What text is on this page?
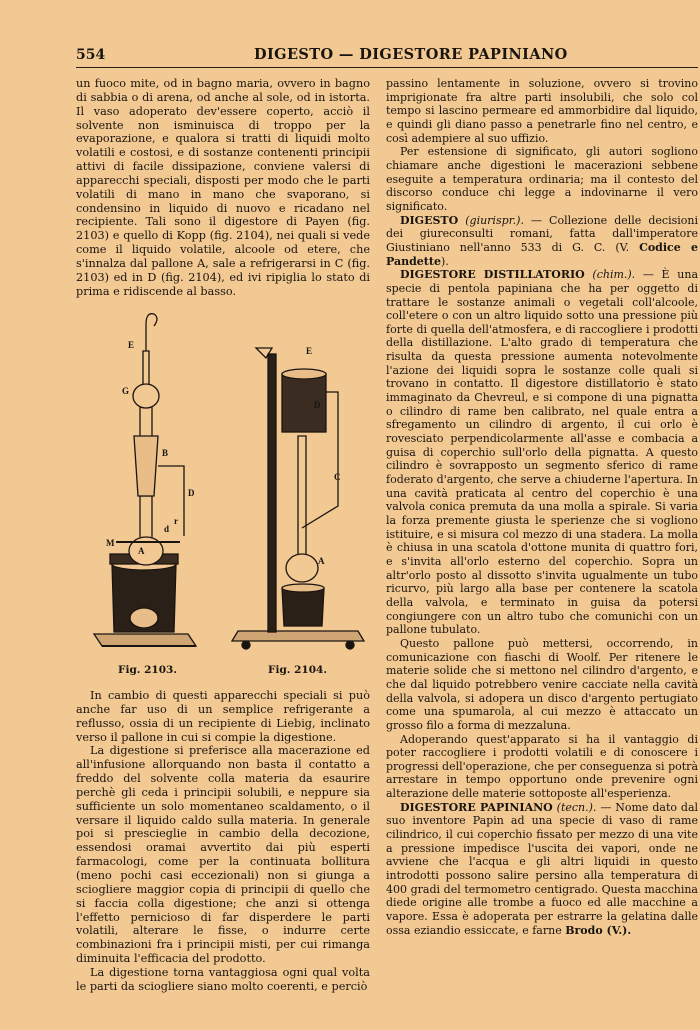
554	DIGESTO — DIGESTORE PAPINIANO

un fuoco mite, od in bagno maria, ovvero in bagno di sabbia o di arena, od anche al sole, od in istorta. Il vaso adoperato dev'essere coperto, acciò il solvente non isminuisca di troppo per la evaporazione, e qualora si tratti di liquidi molto volatili e costosi, e di sostanze contenenti principii attivi di facile dissipazione, conviene valersi di apparecchi speciali, disposti per modo che le parti volatili di mano in mano che svaporano, si condensino in liquido di nuovo e ricadano nel recipiente. Tali sono il digestore di Payen (fig. 2103) e quello di Kopp (fig. 2104), nei quali si vede come il liquido volatile, alcoole od etere, che s'innalza dal pallone A, sale a refrigerarsi in C (fig. 2103) ed in D (fig. 2104), ed ivi ripiglia lo stato di prima e ridiscende al basso.

E
G
B
D
M
A
d
r
E
D
C
A
Fig. 2103.	Fig. 2104.

In cambio di questi apparecchi speciali si può anche far uso di un semplice refrigerante a reflusso, ossia di un recipiente di Liebig, inclinato verso il pallone in cui si compie la digestione.

La digestione si preferisce alla macerazione ed all'infusione allorquando non basta il contatto a freddo del solvente colla materia da esaurire perchè gli ceda i principii solubili, e neppure sia sufficiente un solo momentaneo scaldamento, o il versare il liquido caldo sulla materia. In generale poi si prescieglie in cambio della decozione, essendosi oramai avvertito dai più esperti farmacologi, come per la continuata bollitura (meno pochi casi eccezionali) non si giunga a sciogliere maggior copia di principii di quello che si faccia colla digestione; che anzi si ottenga l'effetto pernicioso di far disperdere le parti volatili, alterare le fisse, o indurre certe combinazioni fra i principii misti, per cui rimanga diminuita l'efficacia del prodotto.

La digestione torna vantaggiosa ogni qual volta le parti da sciogliere siano molto coerenti, e perciò

passino lentamente in soluzione, ovvero si trovino imprigionate fra altre parti insolubili, che solo col tempo si lascino permeare ed ammorbidire dal liquido, e quindi gli diano passo a penetrarle fino nel centro, e così adempiere al suo uffizio.

Per estensione di significato, gli autori sogliono chiamare anche digestioni le macerazioni sebbene eseguite a temperatura ordinaria; ma il contesto del discorso conduce chi legge a indovinarne il vero significato.

DIGESTO (giurispr.). — Collezione delle decisioni dei giureconsulti romani, fatta dall'imperatore Giustiniano nell'anno 533 di G. C. (V. Codice e Pandette).

DIGESTORE DISTILLATORIO (chim.). — È una specie di pentola papiniana che ha per oggetto di trattare le sostanze animali o vegetali coll'alcoole, coll'etere o con un altro liquido sotto una pressione più forte di quella dell'atmosfera, e di raccogliere i prodotti della distillazione. L'alto grado di temperatura che risulta da questa pressione aumenta notevolmente l'azione dei liquidi sopra le sostanze colle quali si trovano in contatto. Il digestore distillatorio è stato immaginato da Chevreul, e si compone di una pignatta o cilindro di rame ben calibrato, nel quale entra a sfregamento un cilindro di argento, il cui orlo è rovesciato perpendicolarmente all'asse e combacia a guisa di coperchio sull'orlo della pignatta. A questo cilindro è sovrapposto un segmento sferico di rame foderato d'argento, che serve a chiuderne l'apertura. In una cavità praticata al centro del coperchio è una valvola conica premuta da una molla a spirale. Si varia la forza premente giusta le sperienze che si vogliono istituire, e si misura col mezzo di una stadera. La molla è chiusa in una scatola d'ottone munita di quattro fori, e s'invita all'orlo esterno del coperchio. Sopra un altr'orlo posto al dissotto s'invita ugualmente un tubo ricurvo, più largo alla base per contenere la scatola della valvola, e terminato in guisa da potersi congiungere con un altro tubo che comunichi con un pallone tubulato.

Questo pallone può mettersi, occorrendo, in comunicazione con fiaschi di Woolf. Per ritenere le materie solide che si mettono nel cilindro d'argento, e che dal liquido potrebbero venire cacciate nella cavità della valvola, si adopera un disco d'argento pertugiato come una spumarola, al cui mezzo è attaccato un grosso filo a forma di mezzaluna.

Adoperando quest'apparato si ha il vantaggio di poter raccogliere i prodotti volatili e di conoscere i progressi dell'operazione, che per conseguenza si potrà arrestare in tempo opportuno onde prevenire ogni alterazione delle materie sottoposte all'esperienza.

DIGESTORE PAPINIANO (tecn.). — Nome dato dal suo inventore Papin ad una specie di vaso di rame cilindrico, il cui coperchio fissato per mezzo di una vite a pressione impedisce l'uscita dei vapori, onde ne avviene che l'acqua e gli altri liquidi in questo introdotti possono salire persino alla temperatura di 400 gradi del termometro centigrado. Questa macchina diede origine alle trombe a fuoco ed alle macchine a vapore. Essa è adoperata per estrarre la gelatina dalle ossa eziandio essiccate, e farne Brodo (V.).
